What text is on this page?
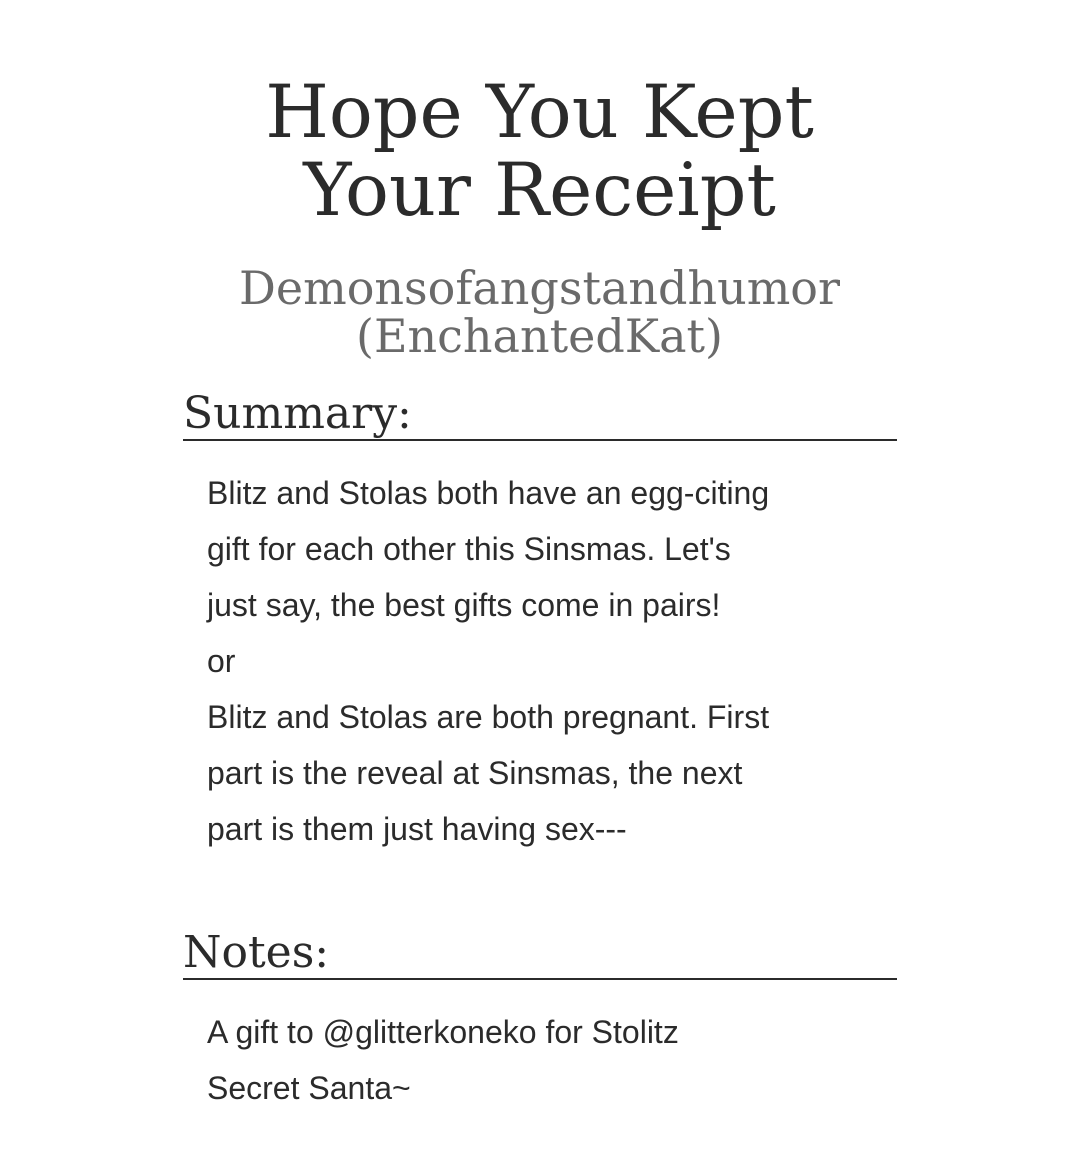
Hope You Kept
Your Receipt
Demonsofangstandhumor
(EnchantedKat)
Summary:

Blitz and Stolas both have an egg-citing

gift for each other this Sinsmas. Let's

just say, the best gifts come in pairs!

or

Blitz and Stolas are both pregnant. First

part is the reveal at Sinsmas, the next

part is them just having sex---

Notes:

A gift to @glitterkoneko for Stolitz

Secret Santa~
